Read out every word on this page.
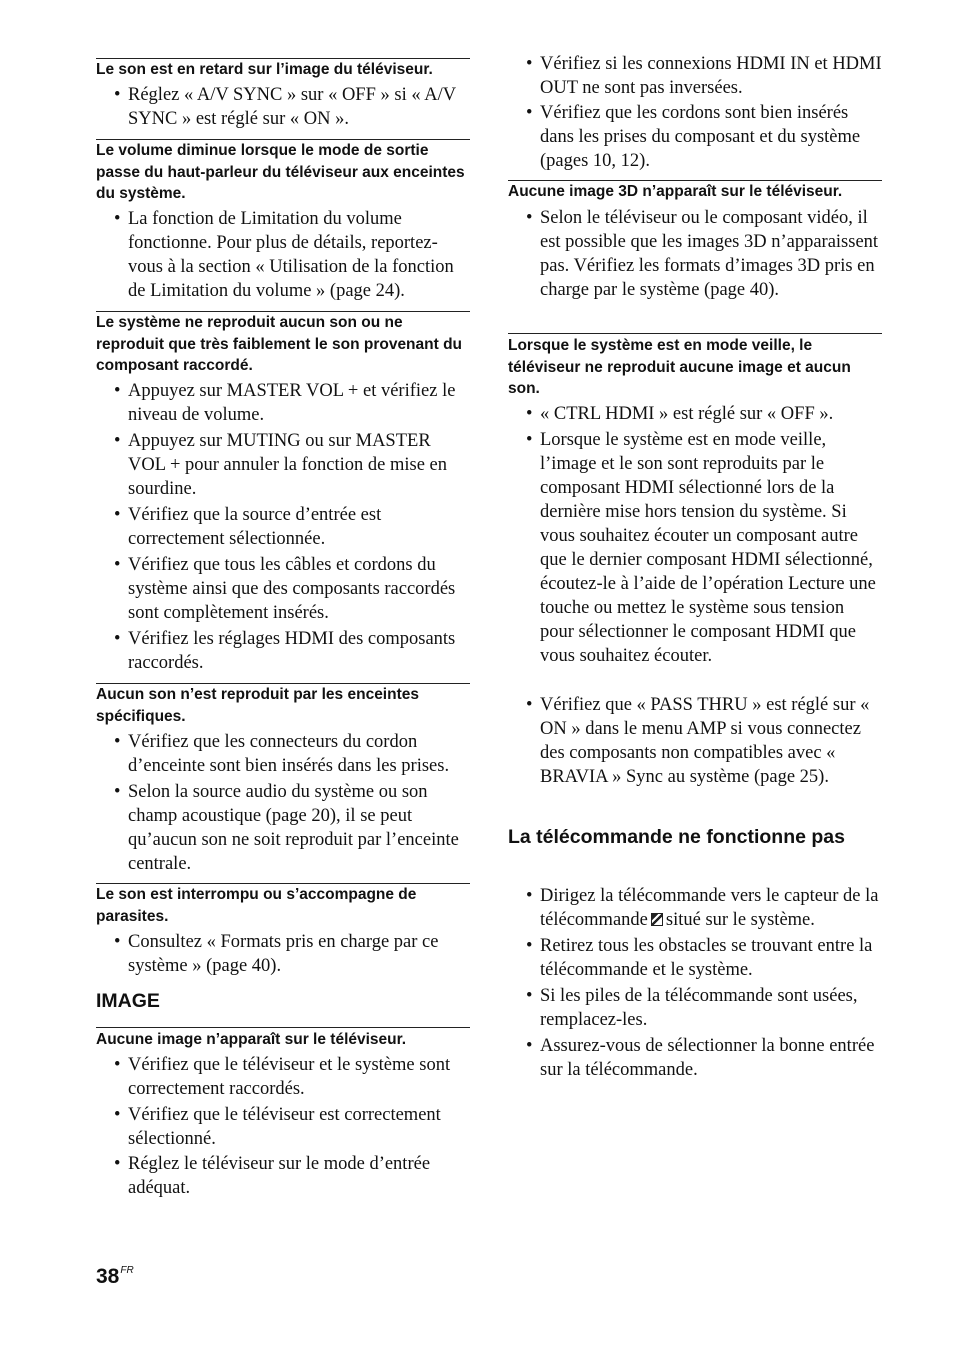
Le son est en retard sur l’image du téléviseur.
• Réglez « A/V SYNC » sur « OFF » si « A/V SYNC » est réglé sur « ON ».
Le volume diminue lorsque le mode de sortie passe du haut-parleur du téléviseur aux enceintes du système.
• La fonction de Limitation du volume fonctionne. Pour plus de détails, reportez-vous à la section « Utilisation de la fonction de Limitation du volume » (page 24).
Le système ne reproduit aucun son ou ne reproduit que très faiblement le son provenant du composant raccordé.
• Appuyez sur MASTER VOL + et vérifiez le niveau de volume.
• Appuyez sur MUTING ou sur MASTER VOL + pour annuler la fonction de mise en sourdine.
• Vérifiez que la source d’entrée est correctement sélectionnée.
• Vérifiez que tous les câbles et cordons du système ainsi que des composants raccordés sont complètement insérés.
• Vérifiez les réglages HDMI des composants raccordés.
Aucun son n’est reproduit par les enceintes spécifiques.
• Vérifiez que les connecteurs du cordon d’enceinte sont bien insérés dans les prises.
• Selon la source audio du système ou son champ acoustique (page 20), il se peut qu’aucun son ne soit reproduit par l’enceinte centrale.
Le son est interrompu ou s’accompagne de parasites.
• Consultez « Formats pris en charge par ce système » (page 40).
IMAGE
Aucune image n’apparaît sur le téléviseur.
• Vérifiez que le téléviseur et le système sont correctement raccordés.
• Vérifiez que le téléviseur est correctement sélectionné.
• Réglez le téléviseur sur le mode d’entrée adéquat.
• Vérifiez si les connexions HDMI IN et HDMI OUT ne sont pas inversées.
• Vérifiez que les cordons sont bien insérés dans les prises du composant et du système (pages 10, 12).
Aucune image 3D n’apparaît sur le téléviseur.
• Selon le téléviseur ou le composant vidéo, il est possible que les images 3D n’apparaissent pas. Vérifiez les formats d’images 3D pris en charge par le système (page 40).
Lorsque le système est en mode veille, le téléviseur ne reproduit aucune image et aucun son.
• « CTRL HDMI » est réglé sur « OFF ».
• Lorsque le système est en mode veille, l’image et le son sont reproduits par le composant HDMI sélectionné lors de la dernière mise hors tension du système. Si vous souhaitez écouter un composant autre que le dernier composant HDMI sélectionné, écoutez-le à l’aide de l’opération Lecture une touche ou mettez le système sous tension pour sélectionner le composant HDMI que vous souhaitez écouter.
• Vérifiez que « PASS THRU » est réglé sur « ON » dans le menu AMP si vous connectez des composants non compatibles avec « BRAVIA » Sync au système (page 25).
La télécommande ne fonctionne pas
• Dirigez la télécommande vers le capteur de la télécommande situé sur le système.
• Retirez tous les obstacles se trouvant entre la télécommande et le système.
• Si les piles de la télécommande sont usées, remplacez-les.
• Assurez-vous de sélectionner la bonne entrée sur la télécommande.
$38^{FR}$
